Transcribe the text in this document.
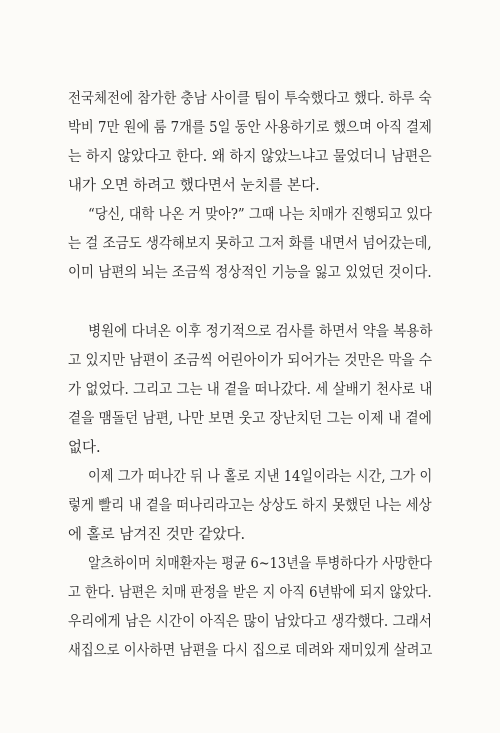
전국체전에 참가한 충남 사이클 팀이 투숙했다고 했다. 하루 숙
박비 7만 원에 룸 7개를 5일 동안 사용하기로 했으며 아직 결제
는 하지 않았다고 한다. 왜 하지 않았느냐고 물었더니 남편은
내가 오면 하려고 했다면서 눈치를 본다.
“당신, 대학 나온 거 맞아?” 그때 나는 치매가 진행되고 있다
는 걸 조금도 생각해보지 못하고 그저 화를 내면서 넘어갔는데,
이미 남편의 뇌는 조금씩 정상적인 기능을 잃고 있었던 것이다.
병원에 다녀온 이후 정기적으로 검사를 하면서 약을 복용하
고 있지만 남편이 조금씩 어린아이가 되어가는 것만은 막을 수
가 없었다. 그리고 그는 내 곁을 떠나갔다. 세 살배기 천사로 내
곁을 맴돌던 남편, 나만 보면 웃고 장난치던 그는 이제 내 곁에
없다.
이제 그가 떠나간 뒤 나 홀로 지낸 14일이라는 시간, 그가 이
렇게 빨리 내 곁을 떠나리라고는 상상도 하지 못했던 나는 세상
에 홀로 남겨진 것만 같았다.
알츠하이머 치매환자는 평균 6~13년을 투병하다가 사망한다
고 한다. 남편은 치매 판정을 받은 지 아직 6년밖에 되지 않았다.
우리에게 남은 시간이 아직은 많이 남았다고 생각했다. 그래서
새집으로 이사하면 남편을 다시 집으로 데려와 재미있게 살려고
